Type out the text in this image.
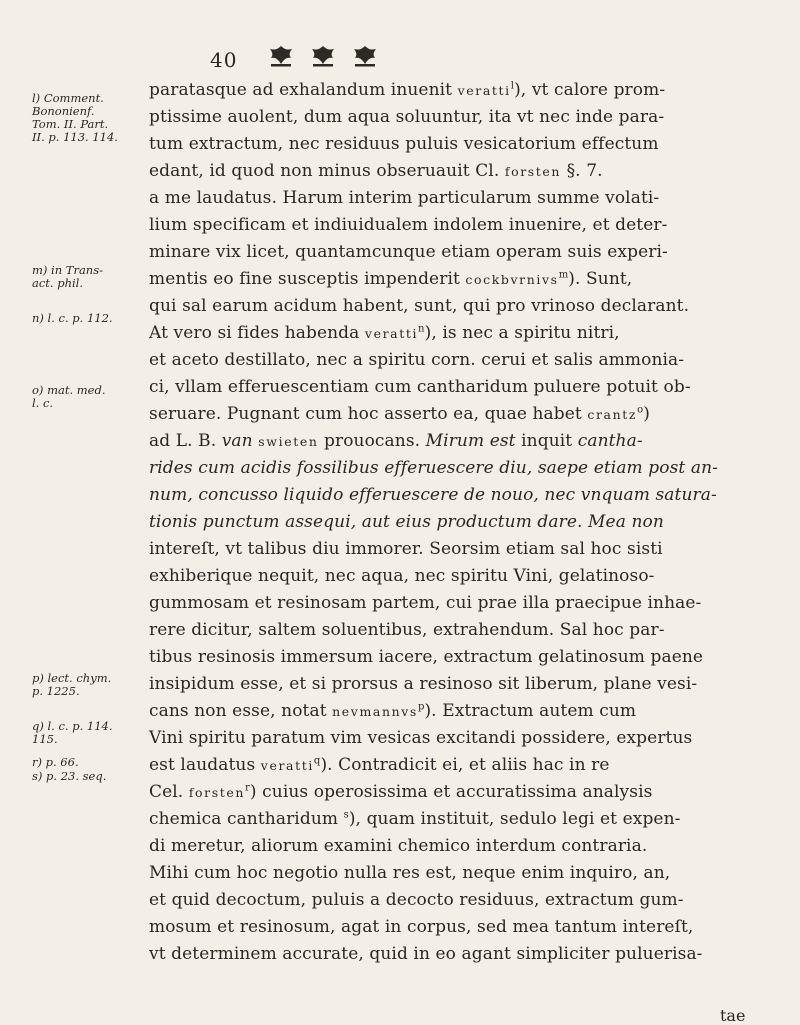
40
l) Comment.
Bononienf.
Tom. II. Part.
II. p. 113. 114.
m) in Trans-
act. phil.
n) l. c. p. 112.
o) mat. med.
l. c.
p) lect. chym.
p. 1225.
q) l. c. p. 114.
115.
r) p. 66.
s) p. 23. seq.
paratasque ad exhalandum inuenit veratti$^l$), vt calore prom-
ptissime auolent, dum aqua soluuntur, ita vt nec inde para-
tum extractum, nec residuus puluis vesicatorium effectum
edant, id quod non minus obseruauit Cl. forsten §. 7.
a me laudatus. Harum interim particularum summe volati-
lium specificam et indiuidualem indolem inuenire, et deter-
minare vix licet, quantamcunque etiam operam suis experi-
mentis eo fine susceptis impenderit cockbvrnivs$^m$). Sunt,
qui sal earum acidum habent, sunt, qui pro vrinoso declarant.
At vero si fides habenda veratti$^n$), is nec a spiritu nitri,
et aceto destillato, nec a spiritu corn. cerui et salis ammonia-
ci, vllam efferuescentiam cum cantharidum puluere potuit ob-
seruare. Pugnant cum hoc asserto ea, quae habet crantz$^o$)
ad L. B. van swieten prouocans. Mirum est inquit cantha-
rides cum acidis fossilibus efferuescere diu, saepe etiam post an-
num, concusso liquido efferuescere de nouo, nec vnquam satura-
tionis punctum assequi, aut eius productum dare. Mea non
intereſt, vt talibus diu immorer. Seorsim etiam sal hoc sisti
exhiberique nequit, nec aqua, nec spiritu Vini, gelatinoso-
gummosam et resinosam partem, cui prae illa praecipue inhae-
rere dicitur, saltem soluentibus, extrahendum. Sal hoc par-
tibus resinosis immersum iacere, extractum gelatinosum paene
insipidum esse, et si prorsus a resinoso sit liberum, plane vesi-
cans non esse, notat nevmannvs$^p$). Extractum autem cum
Vini spiritu paratum vim vesicas excitandi possidere, expertus
est laudatus veratti$^q$). Contradicit ei, et aliis hac in re
Cel. forsten$^r$) cuius operosissima et accuratissima analysis
chemica cantharidum $^s$), quam instituit, sedulo legi et expen-
di meretur, aliorum examini chemico interdum contraria.
Mihi cum hoc negotio nulla res est, neque enim inquiro, an,
et quid decoctum, puluis a decocto residuus, extractum gum-
mosum et resinosum, agat in corpus, sed mea tantum intereſt,
vt determinem accurate, quid in eo agant simpliciter puluerisa-
tae
